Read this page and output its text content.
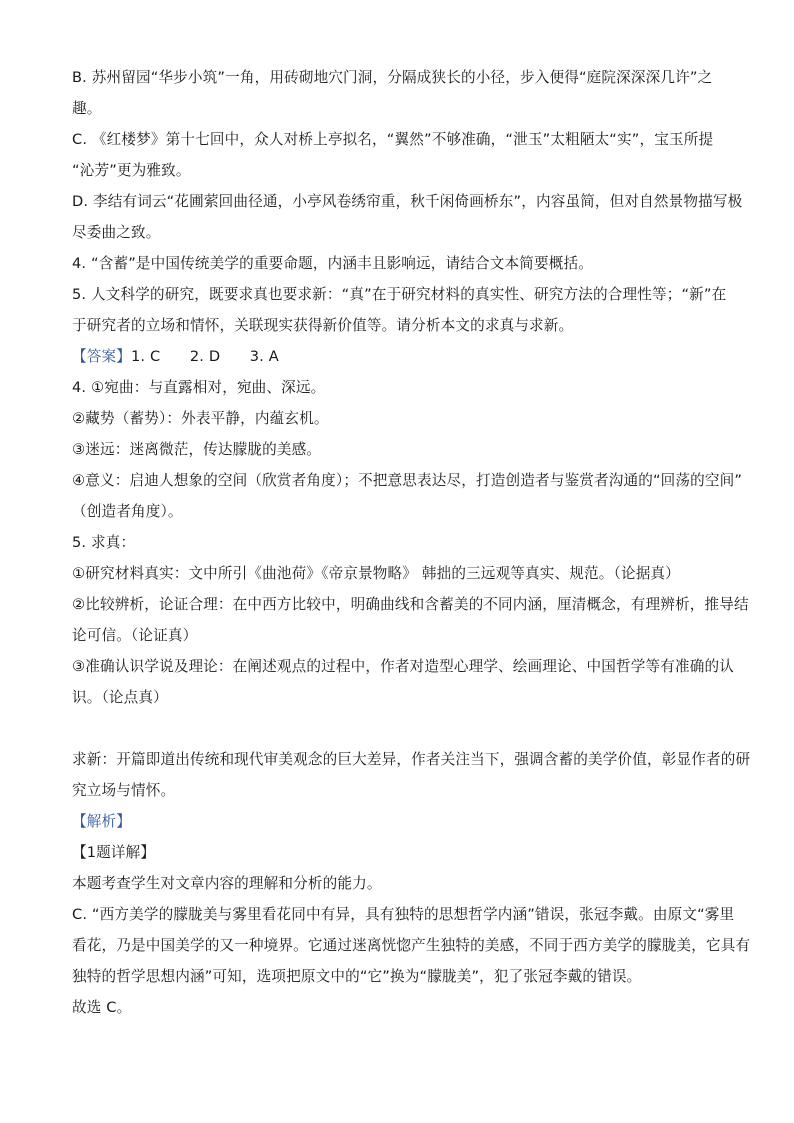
B. 苏州留园“华步小筑”一角，用砖砌地穴门洞，分隔成狭长的小径，步入便得“庭院深深深几许”之

趣。

C. 《红楼梦》第十七回中，众人对桥上亭拟名，“翼然”不够准确，“泄玉”太粗陋太“实”，宝玉所提

“沁芳”更为雅致。

D. 李结有词云“花圃萦回曲径通，小亭风卷绣帘重，秋千闲倚画桥东”，内容虽简，但对自然景物描写极

尽委曲之致。

4. “含蓄”是中国传统美学的重要命题，内涵丰且影响远，请结合文本简要概括。

5. 人文科学的研究，既要求真也要求新：“真”在于研究材料的真实性、研究方法的合理性等；“新”在

于研究者的立场和情怀，关联现实获得新价值等。请分析本文的求真与求新。

【答案】1. C　　2. D　　3. A

4. ①宛曲：与直露相对，宛曲、深远。

②藏势（蓄势）：外表平静，内蕴玄机。

③迷远：迷离微茫，传达朦胧的美感。

④意义：启迪人想象的空间（欣赏者角度）；不把意思表达尽，打造创造者与鉴赏者沟通的“回荡的空间”

（创造者角度）。

5. 求真：

①研究材料真实：文中所引《曲池荷》《帝京景物略》 韩拙的三远观等真实、规范。（论据真）

②比较辨析，论证合理：在中西方比较中，明确曲线和含蓄美的不同内涵，厘清概念，有理辨析，推导结

论可信。（论证真）

③准确认识学说及理论：在阐述观点的过程中，作者对造型心理学、绘画理论、中国哲学等有准确的认

识。（论点真）

求新：开篇即道出传统和现代审美观念的巨大差异，作者关注当下，强调含蓄的美学价值，彰显作者的研

究立场与情怀。

【解析】

【1题详解】

本题考查学生对文章内容的理解和分析的能力。

C. “西方美学的朦胧美与雾里看花同中有异，具有独特的思想哲学内涵”错误，张冠李戴。由原文“雾里

看花，乃是中国美学的又一种境界。它通过迷离恍惚产生独特的美感，不同于西方美学的朦胧美，它具有

独特的哲学思想内涵”可知，选项把原文中的“它”换为“朦胧美”，犯了张冠李戴的错误。

故选 C。
